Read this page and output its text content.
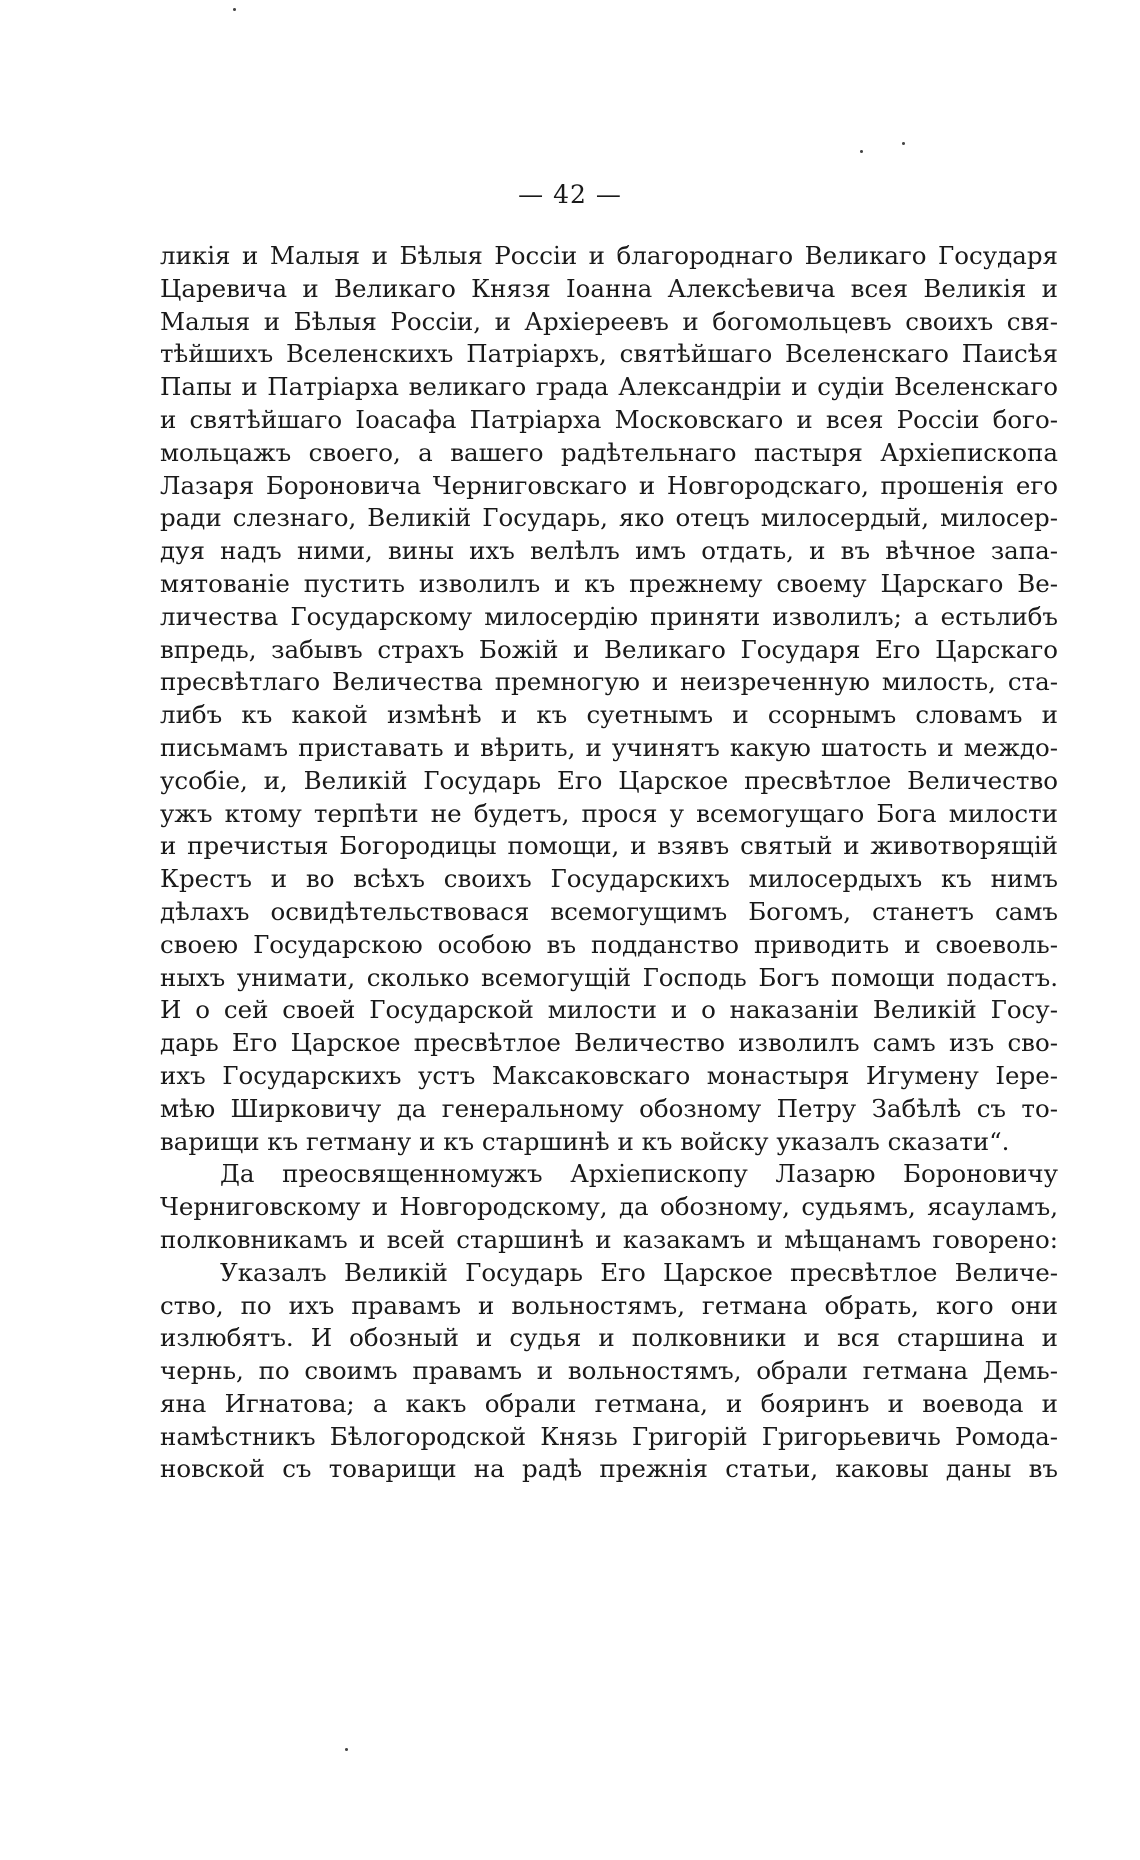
— 42 —
ликія и Малыя и Бѣлыя Россіи и благороднаго Великаго Государя
Царевича и Великаго Князя Іоанна Алексѣевича всея Великія и
Малыя и Бѣлыя Россіи, и Архіереевъ и богомольцевъ своихъ свя-
тѣйшихъ Вселенскихъ Патріархъ, святѣйшаго Вселенскаго Паисѣя
Папы и Патріарха великаго града Александріи и судіи Вселенскаго
и святѣйшаго Іоасафа Патріарха Московскаго и всея Россіи бого-
мольцажъ своего, а вашего радѣтельнаго пастыря Архіепископа
Лазаря Бороновича Черниговскаго и Новгородскаго, прошенія его
ради слезнаго, Великій Государь, яко отецъ милосердый, милосер-
дуя надъ ними, вины ихъ велѣлъ имъ отдать, и въ вѣчное запа-
мятованіе пустить изволилъ и къ прежнему своему Царскаго Ве-
личества Государскому милосердію приняти изволилъ; а естьлибъ
впредь, забывъ страхъ Божій и Великаго Государя Его Царскаго
пресвѣтлаго Величества премногую и неизреченную милость, ста-
либъ къ какой измѣнѣ и къ суетнымъ и ссорнымъ словамъ и
письмамъ приставать и вѣрить, и учинятъ какую шатость и междо-
усобіе, и, Великій Государь Его Царское пресвѣтлое Величество
ужъ ктому терпѣти не будетъ, прося у всемогущаго Бога милости
и пречистыя Богородицы помощи, и взявъ святый и животворящій
Крестъ и во всѣхъ своихъ Государскихъ милосердыхъ къ нимъ
дѣлахъ освидѣтельствовася всемогущимъ Богомъ, станетъ самъ
своею Государскою особою въ подданство приводить и своеволь-
ныхъ унимати, сколько всемогущій Господь Богъ помощи подастъ.
И о сей своей Государской милости и о наказаніи Великій Госу-
дарь Его Царское пресвѣтлое Величество изволилъ самъ изъ сво-
ихъ Государскихъ устъ Максаковскаго монастыря Игумену Іере-
мѣю Ширковичу да генеральному обозному Петру Забѣлѣ съ то-
варищи къ гетману и къ старшинѣ и къ войску указалъ сказати“.
Да преосвященномужъ Архіепископу Лазарю Бороновичу
Черниговскому и Новгородскому, да обозному, судьямъ, ясауламъ,
полковникамъ и всей старшинѣ и казакамъ и мѣщанамъ говорено:
Указалъ Великій Государь Его Царское пресвѣтлое Величе-
ство, по ихъ правамъ и вольностямъ, гетмана обрать, кого они
излюбятъ. И обозный и судья и полковники и вся старшина и
чернь, по своимъ правамъ и вольностямъ, обрали гетмана Демь-
яна Игнатова; а какъ обрали гетмана, и бояринъ и воевода и
намѣстникъ Бѣлогородской Князь Григорій Григорьевичь Ромода-
новской съ товарищи на радѣ прежнія статьи, каковы даны въ
